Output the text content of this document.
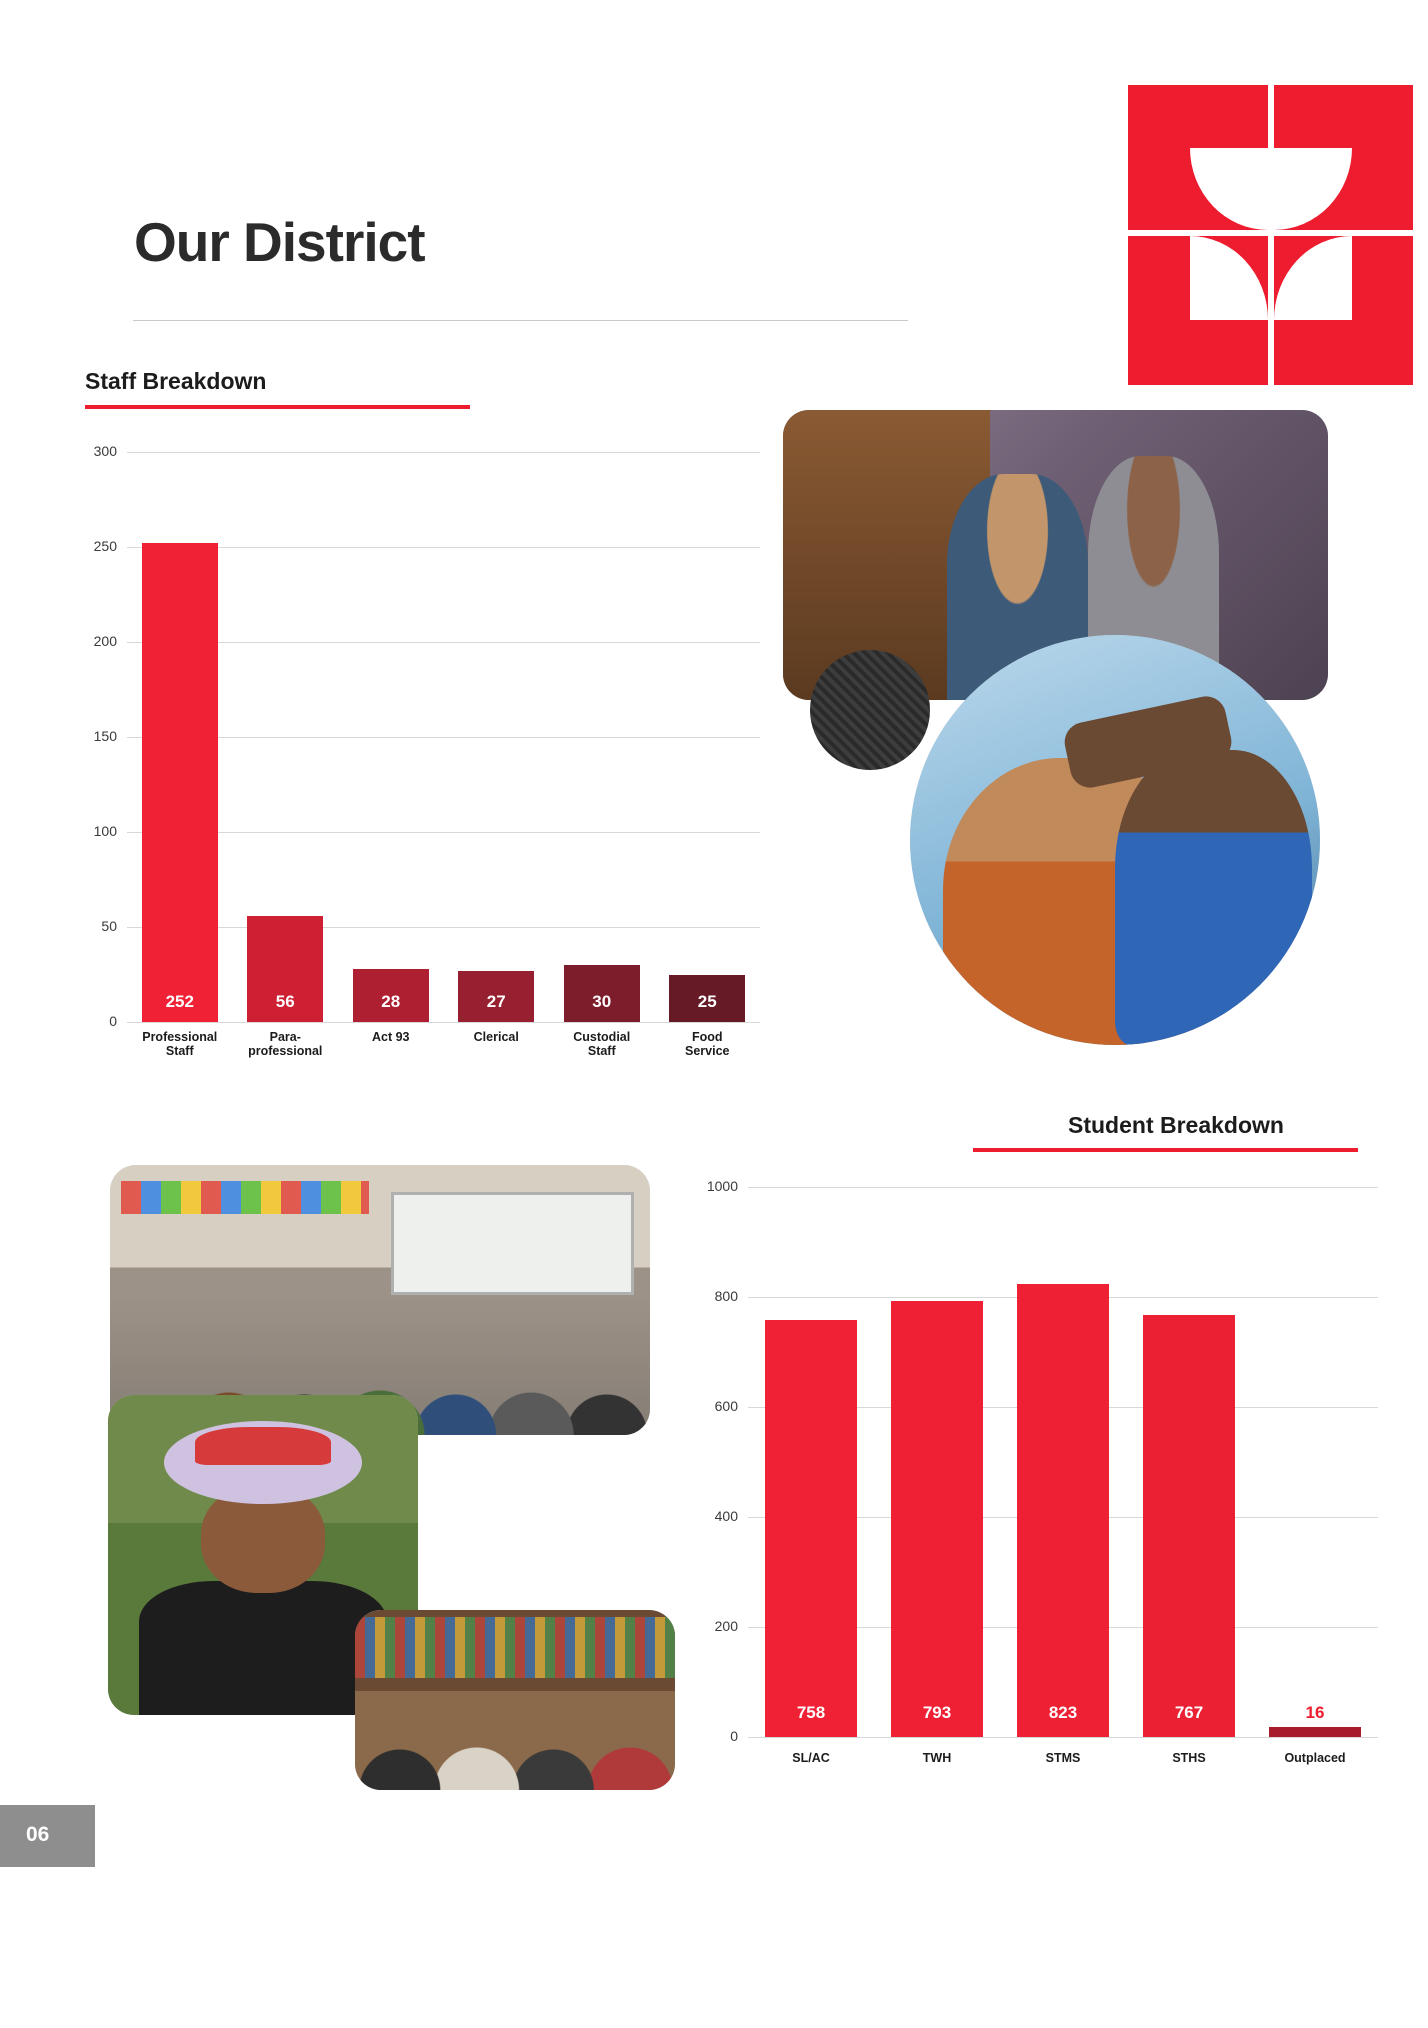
Our District
Staff Breakdown
0
50
100
150
200
250
300
252
Professional
Staff
56
Para-
professional
28
Act 93
27
Clerical
30
Custodial
Staff
25
Food
Service
Student Breakdown
0
200
400
600
800
1000
758
SL/AC
793
TWH
823
STMS
767
STHS
16
Outplaced
06
